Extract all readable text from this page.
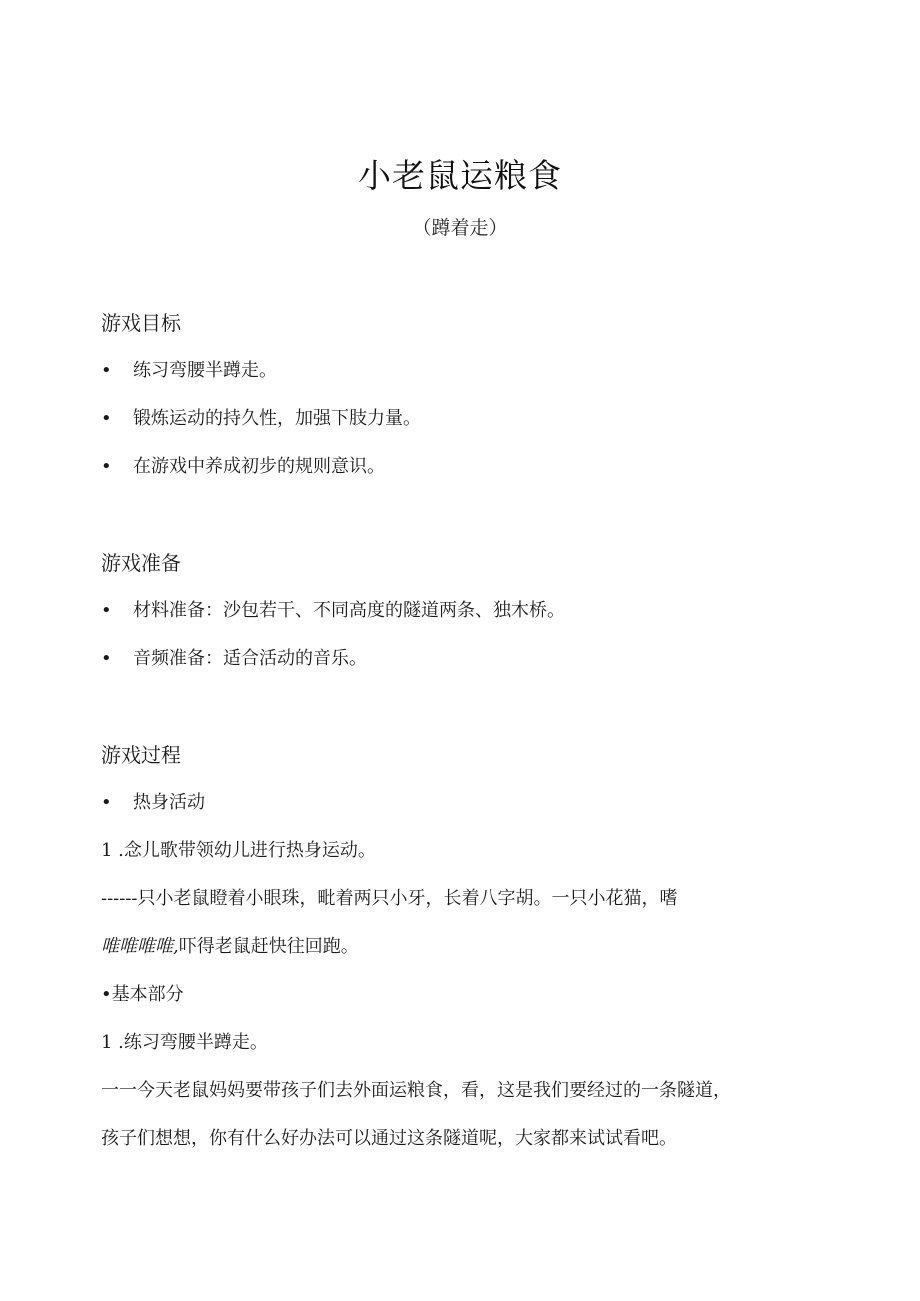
小老鼠运粮食
（蹲着走）
游戏目标
• 练习弯腰半蹲走。
• 锻炼运动的持久性，加强下肢力量。
• 在游戏中养成初步的规则意识。
游戏准备
• 材料准备：沙包若干、不同高度的隧道两条、独木桥。
• 音频准备：适合活动的音乐。
游戏过程
• 热身活动
1 .念儿歌带领幼儿进行热身运动。
------只小老鼠瞪着小眼珠，毗着两只小牙，长着八字胡。一只小花猫，嗜
唯唯唯唯,吓得老鼠赶快往回跑。
•基本部分
1 .练习弯腰半蹲走。
一一今天老鼠妈妈要带孩子们去外面运粮食，看，这是我们要经过的一条隧道，
孩子们想想，你有什么好办法可以通过这条隧道呢，大家都来试试看吧。
